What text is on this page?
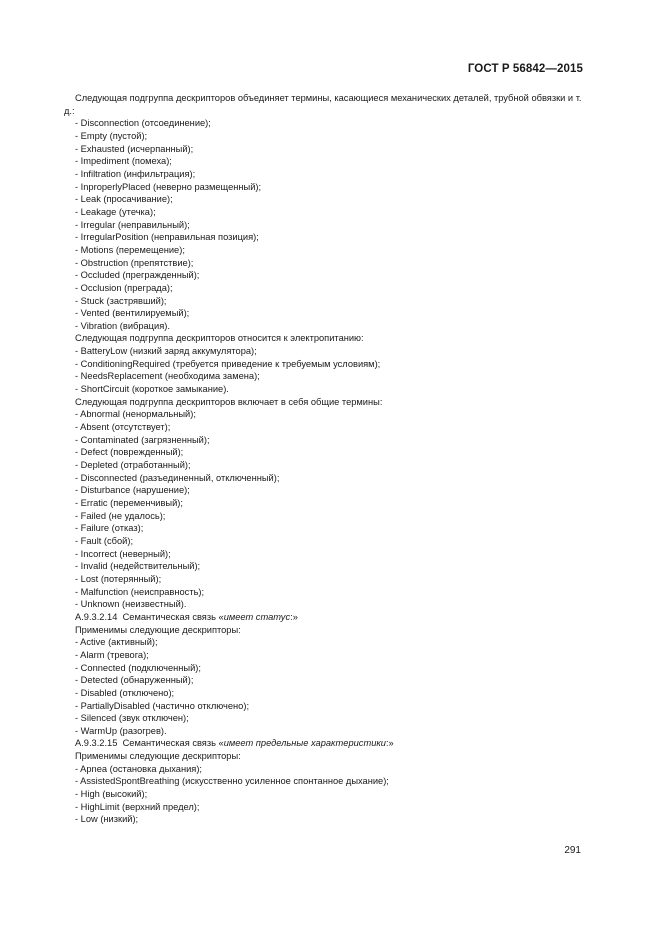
ГОСТ Р 56842—2015

Следующая подгруппа дескрипторов объединяет термины, касающиеся механических деталей, трубной обвязки и т. д.:

- Disconnection (отсоединение);

- Empty (пустой);

- Exhausted (исчерпанный);

- Impediment (помеха);

- Infiltration (инфильтрация);

- InproperlyPlaced (неверно размещенный);

- Leak (просачивание);

- Leakage (утечка);

- Irregular (неправильный);

- IrregularPosition (неправильная позиция);

- Motions (перемещение);

- Obstruction (препятствие);

- Occluded (прегражденный);

- Occlusion (преграда);

- Stuck (застрявший);

- Vented (вентилируемый);

- Vibration (вибрация).

Следующая подгруппа дескрипторов относится к электропитанию:

- BatteryLow (низкий заряд аккумулятора);

- ConditioningRequired (требуется приведение к требуемым условиям);

- NeedsReplacement (необходима замена);

- ShortCircuit (короткое замыкание).

Следующая подгруппа дескрипторов включает в себя общие термины:

- Abnormal (ненормальный);

- Absent (отсутствует);

- Contaminated (загрязненный);

- Defect (поврежденный);

- Depleted (отработанный);

- Disconnected (разъединенный, отключенный);

- Disturbance (нарушение);

- Erratic (переменчивый);

- Failed (не удалось);

- Failure (отказ);

- Fault (сбой);

- Incorrect (неверный);

- Invalid (недействительный);

- Lost (потерянный);

- Malfunction (неисправность);

- Unknown (неизвестный).

A.9.3.2.14 Семантическая связь «имеет статус:»

Применимы следующие дескрипторы:

- Active (активный);

- Alarm (тревога);

- Connected (подключенный);

- Detected (обнаруженный);

- Disabled (отключено);

- PartiallyDisabled (частично отключено);

- Silenced (звук отключен);

- WarmUp (разогрев).

A.9.3.2.15 Семантическая связь «имеет предельные характеристики:»

Применимы следующие дескрипторы:

- Apnea (остановка дыхания);

- AssistedSpontBreathing (искусственно усиленное спонтанное дыхание);

- High (высокий);

- HighLimit (верхний предел);

- Low (низкий);

291
